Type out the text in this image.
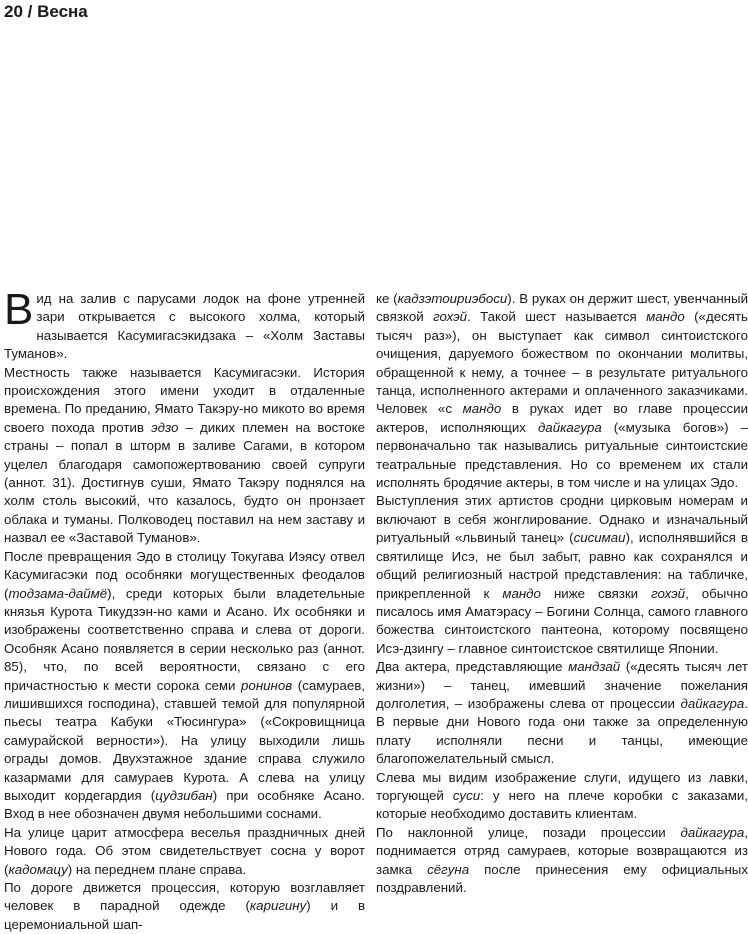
20 / Весна

Вид на залив с парусами лодок на фоне утренней зари открывается с высокого холма, который называется Касумигасэкидзака – «Холм Заставы Туманов».

Местность также называется Касумигасэки. История происхождения этого имени уходит в отдаленные времена. По преданию, Ямато Такэру-но микото во время своего похода против эдзо – диких племен на востоке страны – попал в шторм в заливе Сагами, в котором уцелел благодаря самопожертвованию своей супруги (аннот. 31). Достигнув суши, Ямато Такэру поднялся на холм столь высокий, что казалось, будто он пронзает облака и туманы. Полководец поставил на нем заставу и назвал ее «Заставой Туманов».

После превращения Эдо в столицу Токугава Иэясу отвел Касумигасэки под особняки могущественных феодалов (тодзама-даймё), среди которых были владетельные князья Курота Тикудзэн-но ками и Асано. Их особняки и изображены соответственно справа и слева от дороги. Особняк Асано появляется в серии несколько раз (аннот. 85), что, по всей вероятности, связано с его причастностью к мести сорока семи ронинов (самураев, лишившихся господина), ставшей темой для популярной пьесы театра Кабуки «Тюсингура» («Сокровищница самурайской верности»). На улицу выходили лишь ограды домов. Двухэтажное здание справа служило казармами для самураев Курота. А слева на улицу выходит кордегардия (цудзибан) при особняке Асано. Вход в нее обозначен двумя небольшими соснами.

На улице царит атмосфера веселья праздничных дней Нового года. Об этом свидетельствует сосна у ворот (кадомацу) на переднем плане справа.

По дороге движется процессия, которую возглавляет человек в парадной одежде (каригину) и в церемониальной шап-

ке (кадзэтоириэбоси). В руках он держит шест, увенчанный связкой гохэй. Такой шест называется мандо («десять тысяч раз»), он выступает как символ синтоистского очищения, даруемого божеством по окончании молитвы, обращенной к нему, а точнее – в результате ритуального танца, исполненного актерами и оплаченного заказчиками. Человек «с мандо в руках идет во главе процессии актеров, исполняющих дайкагура («музыка богов») – первоначально так назывались ритуальные синтоистские театральные представления. Но со временем их стали исполнять бродячие актеры, в том числе и на улицах Эдо.

Выступления этих артистов сродни цирковым номерам и включают в себя жонглирование. Однако и изначальный ритуальный «львиный танец» (сисимаи), исполнявшийся в святилище Исэ, не был забыт, равно как сохранялся и общий религиозный настрой представления: на табличке, прикрепленной к мандо ниже связки гохэй, обычно писалось имя Аматэрасу – Богини Солнца, самого главного божества синтоистского пантеона, которому посвящено Исэ-дзингу – главное синтоистское святилище Японии.

Два актера, представляющие мандзай («десять тысяч лет жизни») – танец, имевший значение пожелания долголетия, – изображены слева от процессии дайкагура. В первые дни Нового года они также за определенную плату исполняли песни и танцы, имеющие благопожелательный смысл.

Слева мы видим изображение слуги, идущего из лавки, торгующей суси: у него на плече коробки с заказами, которые необходимо доставить клиентам.

По наклонной улице, позади процессии дайкагура, поднимается отряд самураев, которые возвращаются из замка сёгуна после принесения ему официальных поздравлений.
